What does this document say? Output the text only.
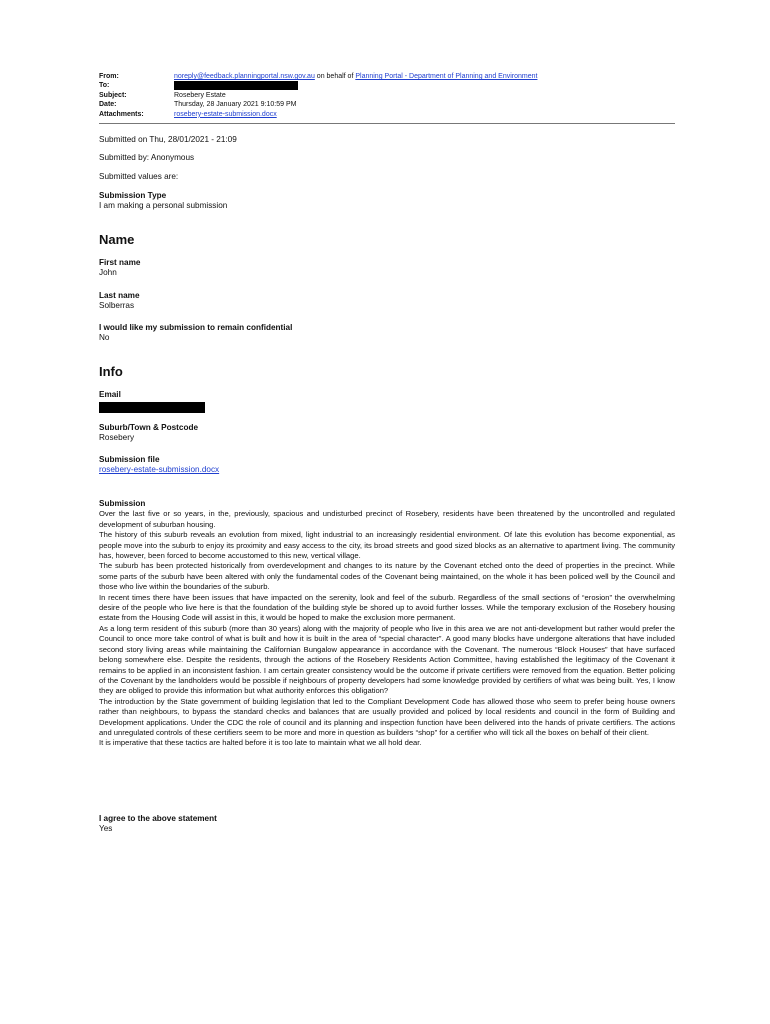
From:	noreply@feedback.planningportal.nsw.gov.au on behalf of Planning Portal - Department of Planning and Environment
To:
Subject:	Rosebery Estate
Date:	Thursday, 28 January 2021 9:10:59 PM
Attachments:	rosebery-estate-submission.docx
Submitted on Thu, 28/01/2021 - 21:09
Submitted by: Anonymous
Submitted values are:
Submission Type
I am making a personal submission
Name
First name
John
Last name
Solberras
I would like my submission to remain confidential
No
Info
Email
Suburb/Town & Postcode
Rosebery
Submission file
rosebery-estate-submission.docx
Submission

Over the last five or so years, in the, previously, spacious and undisturbed precinct of Rosebery, residents have been threatened by the uncontrolled and regulated development of suburban housing.

The history of this suburb reveals an evolution from mixed, light industrial to an increasingly residential environment. Of late this evolution has become exponential, as people move into the suburb to enjoy its proximity and easy access to the city, its broad streets and good sized blocks as an alternative to apartment living. The community has, however, been forced to become accustomed to this new, vertical village.

The suburb has been protected historically from overdevelopment and changes to its nature by the Covenant etched onto the deed of properties in the precinct. While some parts of the suburb have been altered with only the fundamental codes of the Covenant being maintained, on the whole it has been policed well by the Council and those who live within the boundaries of the suburb.

In recent times there have been issues that have impacted on the serenity, look and feel of the suburb. Regardless of the small sections of “erosion” the overwhelming desire of the people who live here is that the foundation of the building style be shored up to avoid further losses. While the temporary exclusion of the Rosebery housing estate from the Housing Code will assist in this, it would be hoped to make the exclusion more permanent.

As a long term resident of this suburb (more than 30 years) along with the majority of people who live in this area we are not anti-development but rather would prefer the Council to once more take control of what is built and how it is built in the area of “special character”. A good many blocks have undergone alterations that have included second story living areas while maintaining the Californian Bungalow appearance in accordance with the Covenant. The numerous “Block Houses” that have surfaced belong somewhere else. Despite the residents, through the actions of the Rosebery Residents Action Committee, having established the legitimacy of the Covenant it remains to be applied in an inconsistent fashion. I am certain greater consistency would be the outcome if private certifiers were removed from the equation. Better policing of the Covenant by the landholders would be possible if neighbours of property developers had some knowledge provided by certifiers of what was being built. Yes, I know they are obliged to provide this information but what authority enforces this obligation?

The introduction by the State government of building legislation that led to the Compliant Development Code has allowed those who seem to prefer being house owners rather than neighbours, to bypass the standard checks and balances that are usually provided and policed by local residents and council in the form of Building and Development applications. Under the CDC the role of council and its planning and inspection function have been delivered into the hands of private certifiers. The actions and unregulated controls of these certifiers seem to be more and more in question as builders “shop” for a certifier who will tick all the boxes on behalf of their client.

It is imperative that these tactics are halted before it is too late to maintain what we all hold dear.

I agree to the above statement
Yes
